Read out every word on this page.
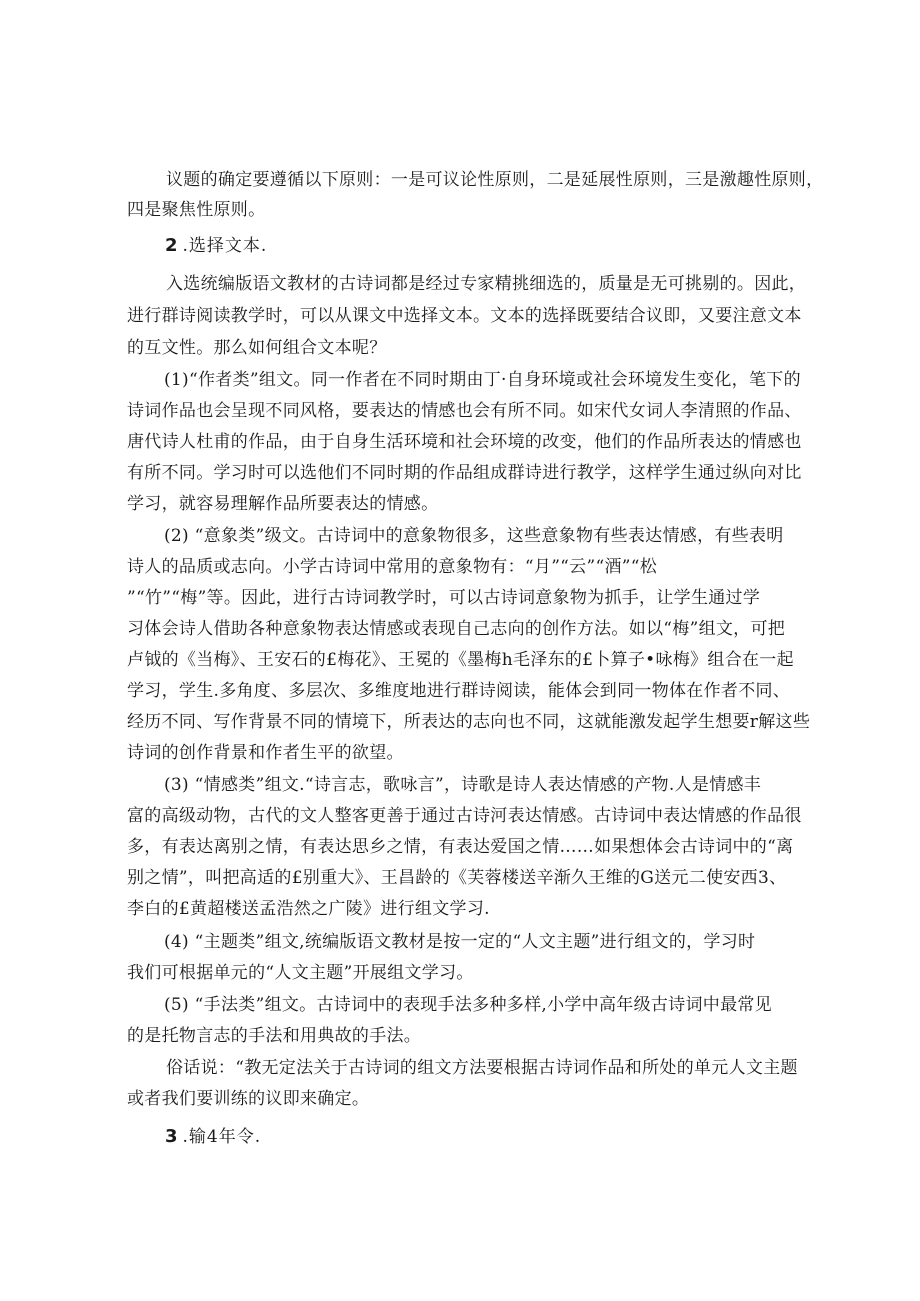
议题的确定要遵循以下原则：一是可议论性原则，二是延展性原则，三是激趣性原则，
四是聚焦性原则。
2 .选择文本.
入选统编版语文教材的古诗词都是经过专家精挑细选的，质量是无可挑剔的。因此，
进行群诗阅读教学时，可以从课文中选择文本。文本的选择既要结合议即，又要注意文本
的互文性。那么如何组合文本呢？
(1)“作者类”组文。同一作者在不同时期由丁·自身环境或社会环境发生变化，笔下的
诗词作品也会呈现不同风格，要表达的情感也会有所不同。如宋代女词人李清照的作品、
唐代诗人杜甫的作品，由于自身生活环境和社会环境的改变，他们的作品所表达的情感也
有所不同。学习时可以选他们不同时期的作品组成群诗进行教学，这样学生通过纵向对比
学习，就容易理解作品所要表达的情感。
(2) “意象类”级文。古诗词中的意象物很多，这些意象物有些表达情感，有些表明
诗人的品质或志向。小学古诗词中常用的意象物有：“月”“云”“酒”“松
”“竹”“梅”等。因此，进行古诗词教学时，可以古诗词意象物为抓手，让学生通过学
习体会诗人借助各种意象物表达情感或表现自己志向的创作方法。如以“梅”组文，可把
卢钺的《当梅》、王安石的£梅花》、王冕的《墨梅h毛泽东的£卜算子•咏梅》组合在一起
学习，学生.多角度、多层次、多维度地进行群诗阅读，能体会到同一物体在作者不同、
经历不同、写作背景不同的情境下，所表达的志向也不同，这就能激发起学生想要r解这些
诗词的创作背景和作者生平的欲望。
(3) “情感类”组文.“诗言志，歌咏言”，诗歌是诗人表达情感的产物.人是情感丰
富的高级动物，古代的文人整客更善于通过古诗河表达情感。古诗词中表达情感的作品很
多，有表达离别之情，有表达思乡之情，有表达爱国之情……如果想体会古诗词中的“离
别之情”，叫把高适的£别重大》、王昌龄的《芙蓉楼送辛渐久王维的G送元二使安西3、
李白的£黄超楼送孟浩然之广陵》进行组文学习.
(4) “主题类”组文,统编版语文教材是按一定的“人文主题”进行组文的，学习时
我们可根据单元的“人文主题”开展组文学习。
(5) “手法类”组文。古诗词中的表现手法多种多样,小学中高年级古诗词中最常见
的是托物言志的手法和用典故的手法。
俗话说：“教无定法关于古诗词的组文方法要根据古诗词作品和所处的单元人文主题
或者我们要训练的议即来确定。
3 .输4年令.
